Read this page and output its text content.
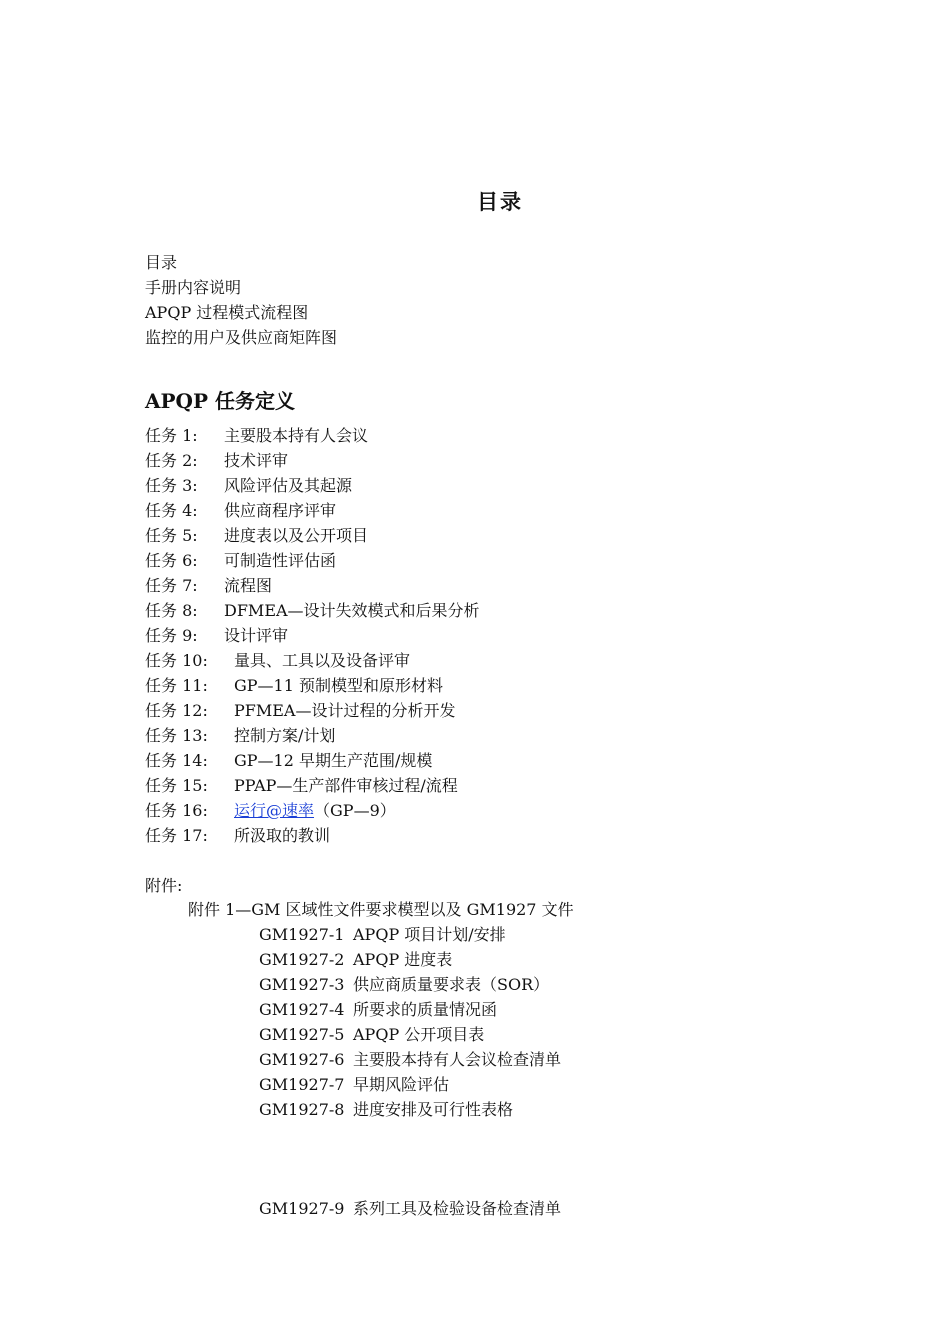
目录
目录
手册内容说明
APQP 过程模式流程图
监控的用户及供应商矩阵图
APQP 任务定义
任务 1:	主要股本持有人会议
任务 2:	技术评审
任务 3:	风险评估及其起源
任务 4:	供应商程序评审
任务 5:	进度表以及公开项目
任务 6:	可制造性评估函
任务 7:	流程图
任务 8:	DFMEA—设计失效模式和后果分析
任务 9:	设计评审
任务 10:	量具、工具以及设备评审
任务 11:	GP—11 预制模型和原形材料
任务 12:	PFMEA—设计过程的分析开发
任务 13:	控制方案/计划
任务 14:	GP—12 早期生产范围/规模
任务 15:	PPAP—生产部件审核过程/流程
任务 16:	运行@速率（GP—9）
任务 17:	所汲取的教训
附件:
附件 1—GM 区域性文件要求模型以及 GM1927 文件
GM1927-1 APQP 项目计划/安排
GM1927-2 APQP 进度表
GM1927-3 供应商质量要求表（SOR）
GM1927-4 所要求的质量情况函
GM1927-5 APQP 公开项目表
GM1927-6 主要股本持有人会议检查清单
GM1927-7 早期风险评估
GM1927-8 进度安排及可行性表格
GM1927-9 系列工具及检验设备检查清单
